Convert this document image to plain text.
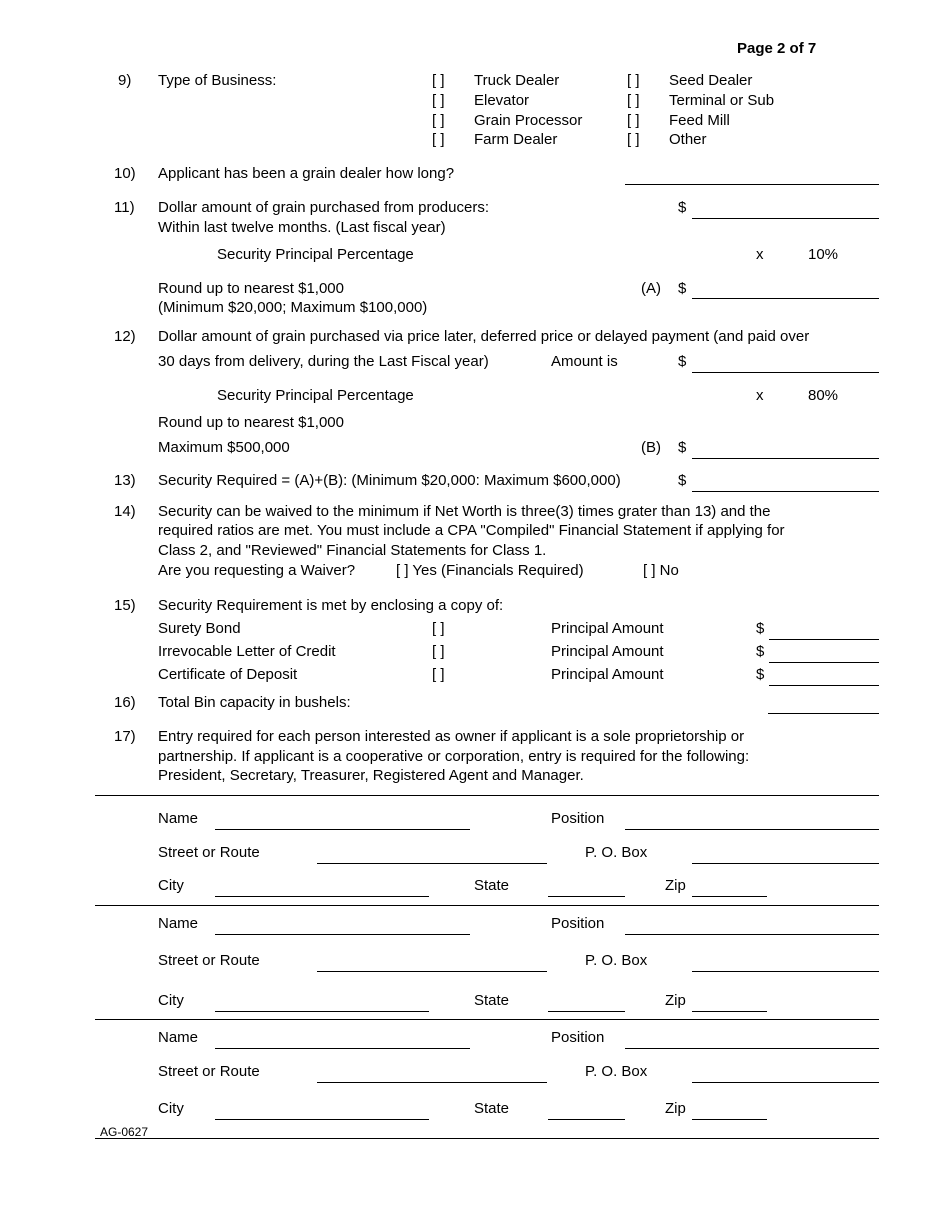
Page 2 of 7
9) Type of Business:	[ ] Truck Dealer	[ ] Seed Dealer
[ ] Elevator	[ ] Terminal or Sub
[ ] Grain Processor	[ ] Feed Mill
[ ] Farm Dealer	[ ] Other
10) Applicant has been a grain dealer how long?
11) Dollar amount of grain purchased from producers:
Within last twelve months. (Last fiscal year)
$
Security Principal Percentage	x	10%
Round up to nearest $1,000
(Minimum $20,000; Maximum $100,000)
(A) $
12) Dollar amount of grain purchased via price later, deferred price or delayed payment (and paid over
30 days from delivery, during the Last Fiscal year)	Amount is	$
Security Principal Percentage	x	80%
Round up to nearest $1,000
Maximum $500,000	(B) $
13) Security Required = (A)+(B): (Minimum $20,000: Maximum $600,000)	$
14) Security can be waived to the minimum if Net Worth is three(3) times grater than 13) and the
required ratios are met. You must include a CPA "Compiled" Financial Statement if applying for
Class 2, and "Reviewed" Financial Statements for Class 1.
Are you requesting a Waiver?	[ ] Yes (Financials Required)	[ ] No
15) Security Requirement is met by enclosing a copy of:
Surety Bond	[ ]	Principal Amount	$
Irrevocable Letter of Credit	[ ]	Principal Amount	$
Certificate of Deposit	[ ]	Principal Amount	$
16) Total Bin capacity in bushels:
17) Entry required for each person interested as owner if applicant is a sole proprietorship or
partnership. If applicant is a cooperative or corporation, entry is required for the following:
President, Secretary, Treasurer, Registered Agent and Manager.
Name	Position
Street or Route	P. O. Box
City	State	Zip
Name	Position
Street or Route	P. O. Box
City	State	Zip
Name	Position
Street or Route	P. O. Box
City	State	Zip
AG-0627
